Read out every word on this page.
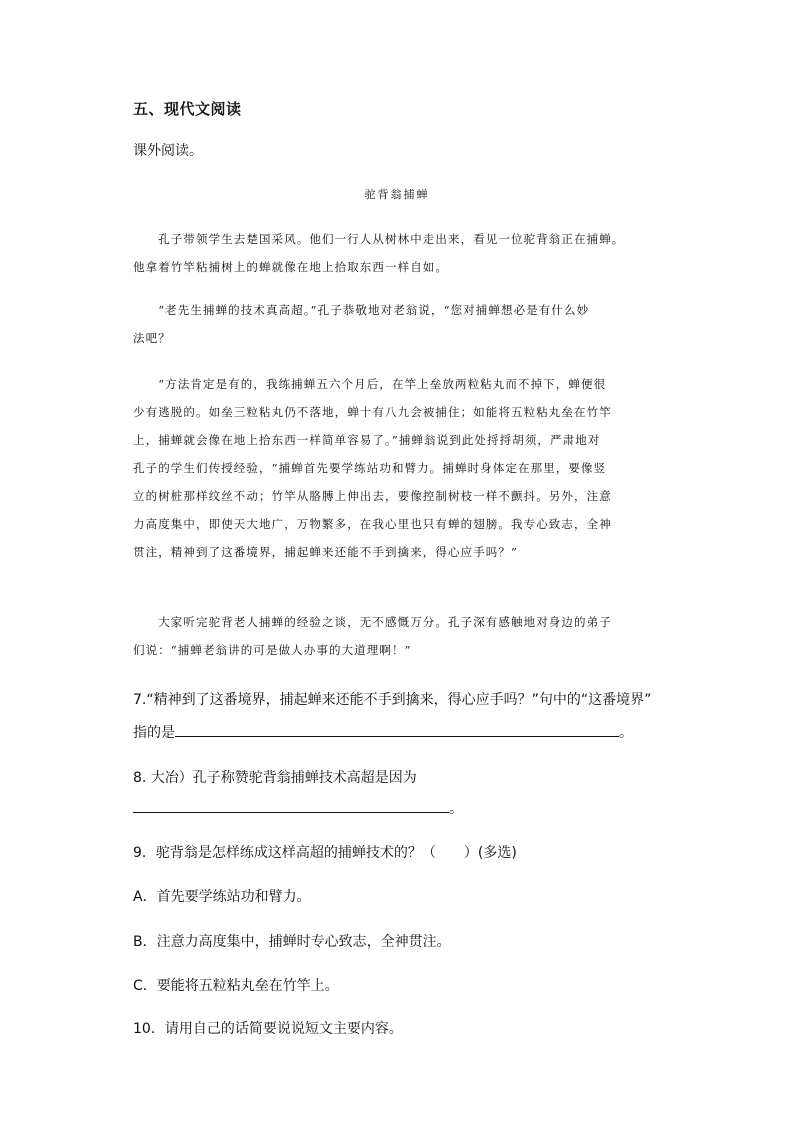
五、现代文阅读
课外阅读。
驼背翁捕蝉
　　孔子带领学生去楚国采风。他们一行人从树林中走出来，看见一位驼背翁正在捕蝉。
他拿着竹竿粘捕树上的蝉就像在地上拾取东西一样自如。
　　“老先生捕蝉的技术真高超。”孔子恭敬地对老翁说，“您对捕蝉想必是有什么妙
法吧？
　　“方法肯定是有的，我练捕蝉五六个月后，在竿上垒放两粒粘丸而不掉下，蝉便很
少有逃脱的。如垒三粒粘丸仍不落地，蝉十有八九会被捕住；如能将五粒粘丸垒在竹竿
上，捕蝉就会像在地上拾东西一样简单容易了。”捕蝉翁说到此处捋捋胡须，严肃地对
孔子的学生们传授经验，“捕蝉首先要学练站功和臂力。捕蝉时身体定在那里，要像竖
立的树桩那样纹丝不动；竹竿从胳膊上伸出去，要像控制树枝一样不颤抖。另外，注意
力高度集中，即使天大地广，万物繁多，在我心里也只有蝉的翅膀。我专心致志，全神
贯注，精神到了这番境界，捕起蝉来还能不手到擒来，得心应手吗？”
　　大家听完驼背老人捕蝉的经验之谈，无不感慨万分。孔子深有感触地对身边的弟子
们说：“捕蝉老翁讲的可是做人办事的大道理啊！”
7.“精神到了这番境界，捕起蝉来还能不手到擒来，得心应手吗？”句中的“这番境界”
指的是	。
8. 大冶）孔子称赞驼背翁捕蝉技术高超是因为
。
9．驼背翁是怎样练成这样高超的捕蝉技术的？（　　）(多选)
A．首先要学练站功和臂力。
B．注意力高度集中，捕蝉时专心致志，全神贯注。
C．要能将五粒粘丸垒在竹竿上。
10．请用自己的话简要说说短文主要内容。
